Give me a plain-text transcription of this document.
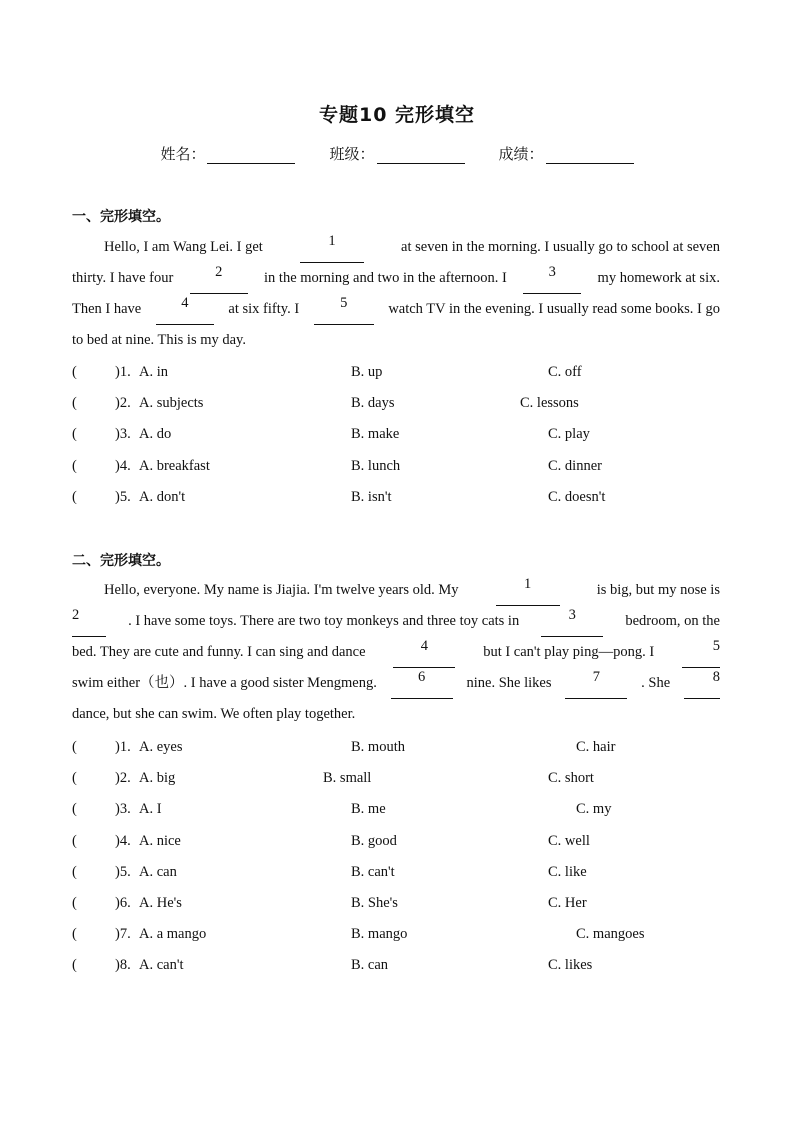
专题10 完形填空
姓名：	班级：	成绩：
一、完形填空。
Hello, I am Wang Lei. I get	1	at seven in the morning. I usually go to school at seven
thirty. I have four	2	in the morning and two in the afternoon. I	3	my homework at six.
Then I have	4	at six fifty. I	5	watch TV in the evening. I usually read some books. I go
to bed at nine. This is my day.
(	)1. A. in	B. up	C. off
(	)2. A. subjects	B. days	C. lessons
(	)3. A. do	B. make	C. play
(	)4. A. breakfast	B. lunch	C. dinner
(	)5. A. don't	B. isn't	C. doesn't
二、完形填空。
Hello, everyone. My name is Jiajia. I'm twelve years old. My	1	is big, but my nose is
2	. I have some toys. There are two toy monkeys and three toy cats in	3	bedroom, on the
bed. They are cute and funny. I can sing and dance	4	but I can't play ping—pong. I	5
swim either（也）. I have a good sister Mengmeng.	6	nine. She likes	7	. She	8
dance, but she can swim. We often play together.
(	)1. A. eyes	B. mouth	C. hair
(	)2. A. big	B. small	C. short
(	)3. A. I	B. me	C. my
(	)4. A. nice	B. good	C. well
(	)5. A. can	B. can't	C. like
(	)6. A. He's	B. She's	C. Her
(	)7. A. a mango	B. mango	C. mangoes
(	)8. A. can't	B. can	C. likes
